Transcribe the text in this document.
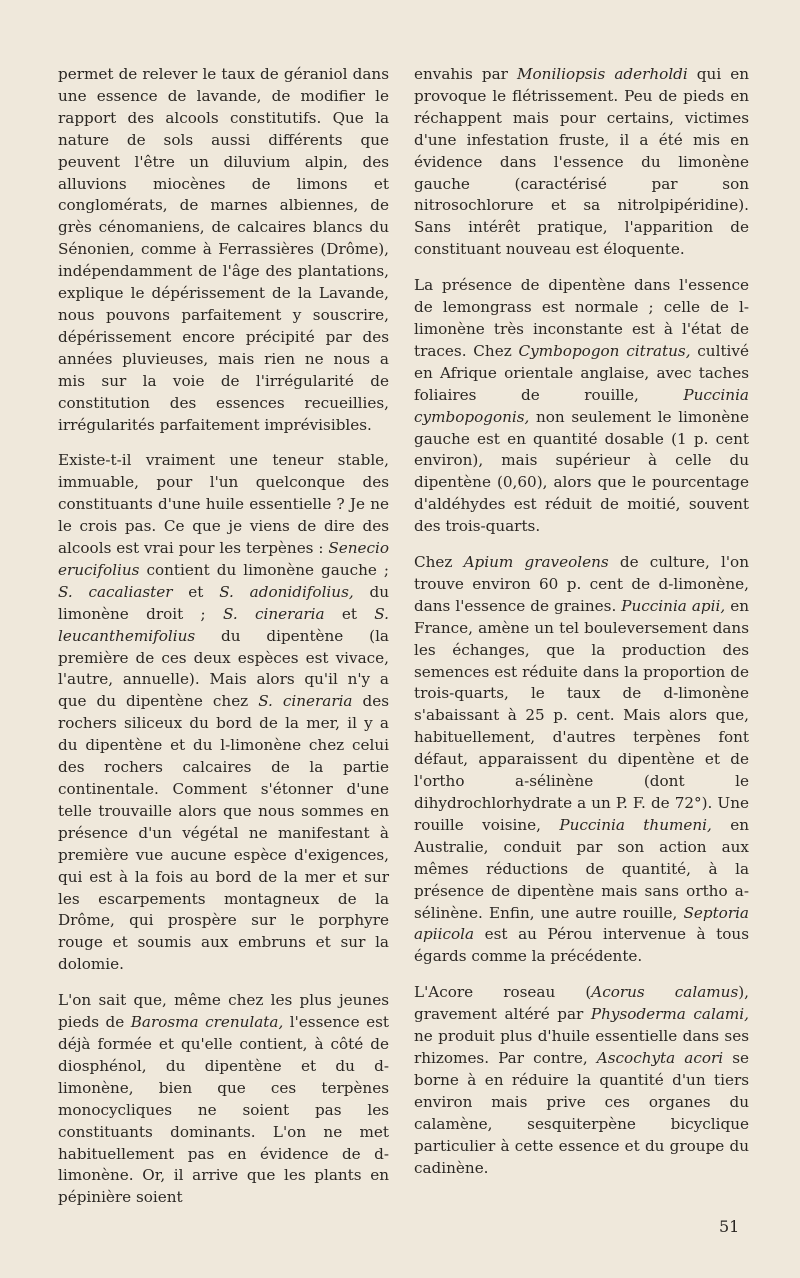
permet de relever le taux de géraniol dans une essence de lavande, de modifier le rapport des alcools constitutifs. Que la nature de sols aussi différents que peuvent l'être un diluvium alpin, des alluvions miocènes de limons et conglomérats, de marnes albiennes, de grès cénomaniens, de calcaires blancs du Sénonien, comme à Ferrassières (Drôme), indépendamment de l'âge des plantations, explique le dépérissement de la Lavande, nous pouvons parfaitement y souscrire, dépérissement encore précipité par des années pluvieuses, mais rien ne nous a mis sur la voie de l'irrégularité de constitution des essences recueillies, irrégularités parfaitement imprévisibles.

Existe-t-il vraiment une teneur stable, immuable, pour l'un quelconque des constituants d'une huile essentielle ? Je ne le crois pas. Ce que je viens de dire des alcools est vrai pour les terpènes : Senecio erucifolius contient du limonène gauche ; S. cacaliaster et S. adonidifolius, du limonène droit ; S. cineraria et S. leucanthemifolius du dipentène (la première de ces deux espèces est vivace, l'autre, annuelle). Mais alors qu'il n'y a que du dipentène chez S. cineraria des rochers siliceux du bord de la mer, il y a du dipentène et du l-limonène chez celui des rochers calcaires de la partie continentale. Comment s'étonner d'une telle trouvaille alors que nous sommes en présence d'un végétal ne manifestant à première vue aucune espèce d'exigences, qui est à la fois au bord de la mer et sur les escarpements montagneux de la Drôme, qui prospère sur le porphyre rouge et soumis aux embruns et sur la dolomie.

L'on sait que, même chez les plus jeunes pieds de Barosma crenulata, l'essence est déjà formée et qu'elle contient, à côté de diosphénol, du dipentène et du d-limonène, bien que ces terpènes monocycliques ne soient pas les constituants dominants. L'on ne met habituellement pas en évidence de d-limonène. Or, il arrive que les plants en pépinière soient

envahis par Moniliopsis aderholdi qui en provoque le flétrissement. Peu de pieds en réchappent mais pour certains, victimes d'une infestation fruste, il a été mis en évidence dans l'essence du limonène gauche (caractérisé par son nitrosochlorure et sa nitrolpipéridine). Sans intérêt pratique, l'apparition de constituant nouveau est éloquente.

La présence de dipentène dans l'essence de lemongrass est normale ; celle de l-limonène très inconstante est à l'état de traces. Chez Cymbopogon citratus, cultivé en Afrique orientale anglaise, avec taches foliaires de rouille, Puccinia cymbopogonis, non seulement le limonène gauche est en quantité dosable (1 p. cent environ), mais supérieur à celle du dipentène (0,60), alors que le pourcentage d'aldéhydes est réduit de moitié, souvent des trois-quarts.

Chez Apium graveolens de culture, l'on trouve environ 60 p. cent de d-limonène, dans l'essence de graines. Puccinia apii, en France, amène un tel bouleversement dans les échanges, que la production des semences est réduite dans la proportion de trois-quarts, le taux de d-limonène s'abaissant à 25 p. cent. Mais alors que, habituellement, d'autres terpènes font défaut, apparaissent du dipentène et de l'ortho a-sélinène (dont le dihydrochlorhydrate a un P. F. de 72°). Une rouille voisine, Puccinia thumeni, en Australie, conduit par son action aux mêmes réductions de quantité, à la présence de dipentène mais sans ortho a-sélinène. Enfin, une autre rouille, Septoria apiicola est au Pérou intervenue à tous égards comme la précédente.

L'Acore roseau (Acorus calamus), gravement altéré par Physoderma calami, ne produit plus d'huile essentielle dans ses rhizomes. Par contre, Ascochyta acori se borne à en réduire la quantité d'un tiers environ mais prive ces organes du calamène, sesquiterpène bicyclique particulier à cette essence et du groupe du cadinène.

51
